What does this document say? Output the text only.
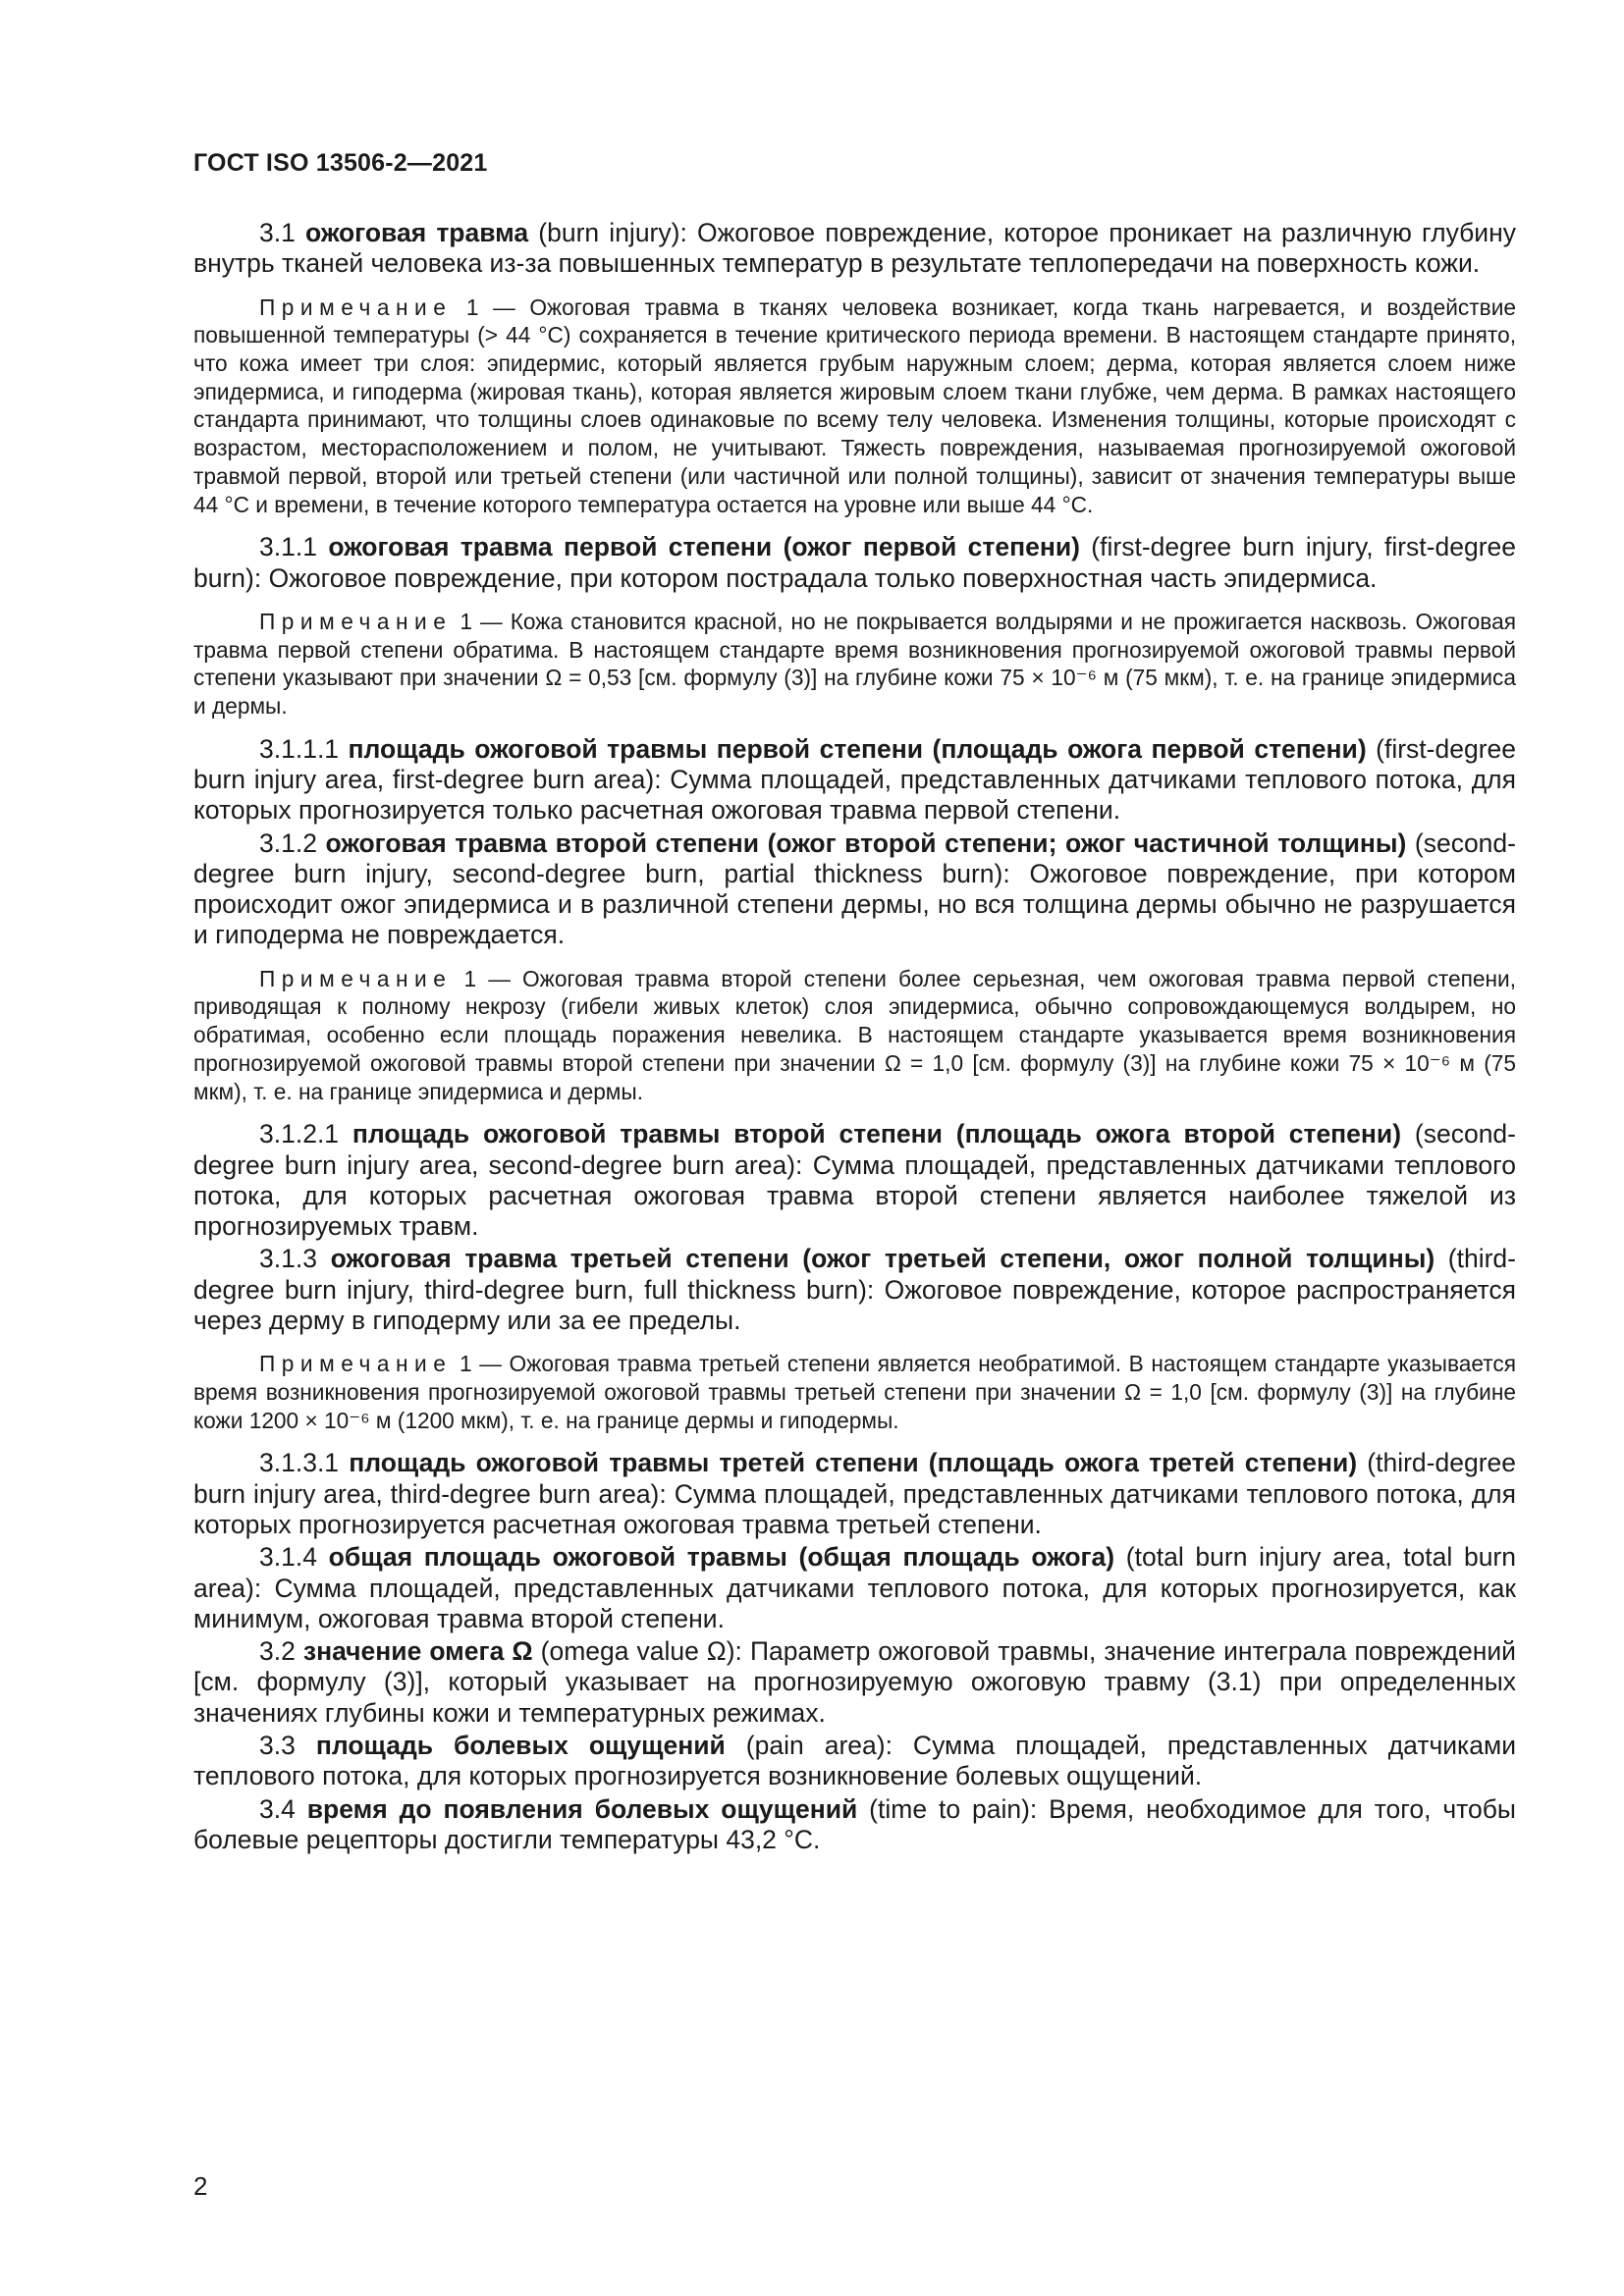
ГОСТ ISO 13506-2—2021

3.1 ожоговая травма (burn injury): Ожоговое повреждение, которое проникает на различную глубину внутрь тканей человека из-за повышенных температур в результате теплопередачи на поверхность кожи.

Примечание 1 — Ожоговая травма в тканях человека возникает, когда ткань нагревается, и воздействие повышенной температуры (> 44 °С) сохраняется в течение критического периода времени. В настоящем стандарте принято, что кожа имеет три слоя: эпидермис, который является грубым наружным слоем; дерма, которая является слоем ниже эпидермиса, и гиподерма (жировая ткань), которая является жировым слоем ткани глубже, чем дерма. В рамках настоящего стандарта принимают, что толщины слоев одинаковые по всему телу человека. Изменения толщины, которые происходят с возрастом, месторасположением и полом, не учитывают. Тяжесть повреждения, называемая прогнозируемой ожоговой травмой первой, второй или третьей степени (или частичной или полной толщины), зависит от значения температуры выше 44 °С и времени, в течение которого температура остается на уровне или выше 44 °С.

3.1.1 ожоговая травма первой степени (ожог первой степени) (first-degree burn injury, first-degree burn): Ожоговое повреждение, при котором пострадала только поверхностная часть эпидермиса.

Примечание 1 — Кожа становится красной, но не покрывается волдырями и не прожигается насквозь. Ожоговая травма первой степени обратима. В настоящем стандарте время возникновения прогнозируемой ожоговой травмы первой степени указывают при значении Ω = 0,53 [см. формулу (3)] на глубине кожи 75 × 10⁻⁶ м (75 мкм), т. е. на границе эпидермиса и дермы.

3.1.1.1 площадь ожоговой травмы первой степени (площадь ожога первой степени) (first-degree burn injury area, first-degree burn area): Сумма площадей, представленных датчиками теплового потока, для которых прогнозируется только расчетная ожоговая травма первой степени.

3.1.2 ожоговая травма второй степени (ожог второй степени; ожог частичной толщины) (second-degree burn injury, second-degree burn, partial thickness burn): Ожоговое повреждение, при котором происходит ожог эпидермиса и в различной степени дермы, но вся толщина дермы обычно не разрушается и гиподерма не повреждается.

Примечание 1 — Ожоговая травма второй степени более серьезная, чем ожоговая травма первой степени, приводящая к полному некрозу (гибели живых клеток) слоя эпидермиса, обычно сопровождающемуся волдырем, но обратимая, особенно если площадь поражения невелика. В настоящем стандарте указывается время возникновения прогнозируемой ожоговой травмы второй степени при значении Ω = 1,0 [см. формулу (3)] на глубине кожи 75 × 10⁻⁶ м (75 мкм), т. е. на границе эпидермиса и дермы.

3.1.2.1 площадь ожоговой травмы второй степени (площадь ожога второй степени) (second-degree burn injury area, second-degree burn area): Сумма площадей, представленных датчиками теплового потока, для которых расчетная ожоговая травма второй степени является наиболее тяжелой из прогнозируемых травм.

3.1.3 ожоговая травма третьей степени (ожог третьей степени, ожог полной толщины) (third-degree burn injury, third-degree burn, full thickness burn): Ожоговое повреждение, которое распространяется через дерму в гиподерму или за ее пределы.

Примечание 1 — Ожоговая травма третьей степени является необратимой. В настоящем стандарте указывается время возникновения прогнозируемой ожоговой травмы третьей степени при значении Ω = 1,0 [см. формулу (3)] на глубине кожи 1200 × 10⁻⁶ м (1200 мкм), т. е. на границе дермы и гиподермы.

3.1.3.1 площадь ожоговой травмы третей степени (площадь ожога третей степени) (third-degree burn injury area, third-degree burn area): Сумма площадей, представленных датчиками теплового потока, для которых прогнозируется расчетная ожоговая травма третьей степени.

3.1.4 общая площадь ожоговой травмы (общая площадь ожога) (total burn injury area, total burn area): Сумма площадей, представленных датчиками теплового потока, для которых прогнозируется, как минимум, ожоговая травма второй степени.

3.2 значение омега Ω (omega value Ω): Параметр ожоговой травмы, значение интеграла повреждений [см. формулу (3)], который указывает на прогнозируемую ожоговую травму (3.1) при определенных значениях глубины кожи и температурных режимах.

3.3 площадь болевых ощущений (pain area): Сумма площадей, представленных датчиками теплового потока, для которых прогнозируется возникновение болевых ощущений.

3.4 время до появления болевых ощущений (time to pain): Время, необходимое для того, чтобы болевые рецепторы достигли температуры 43,2 °С.

2
